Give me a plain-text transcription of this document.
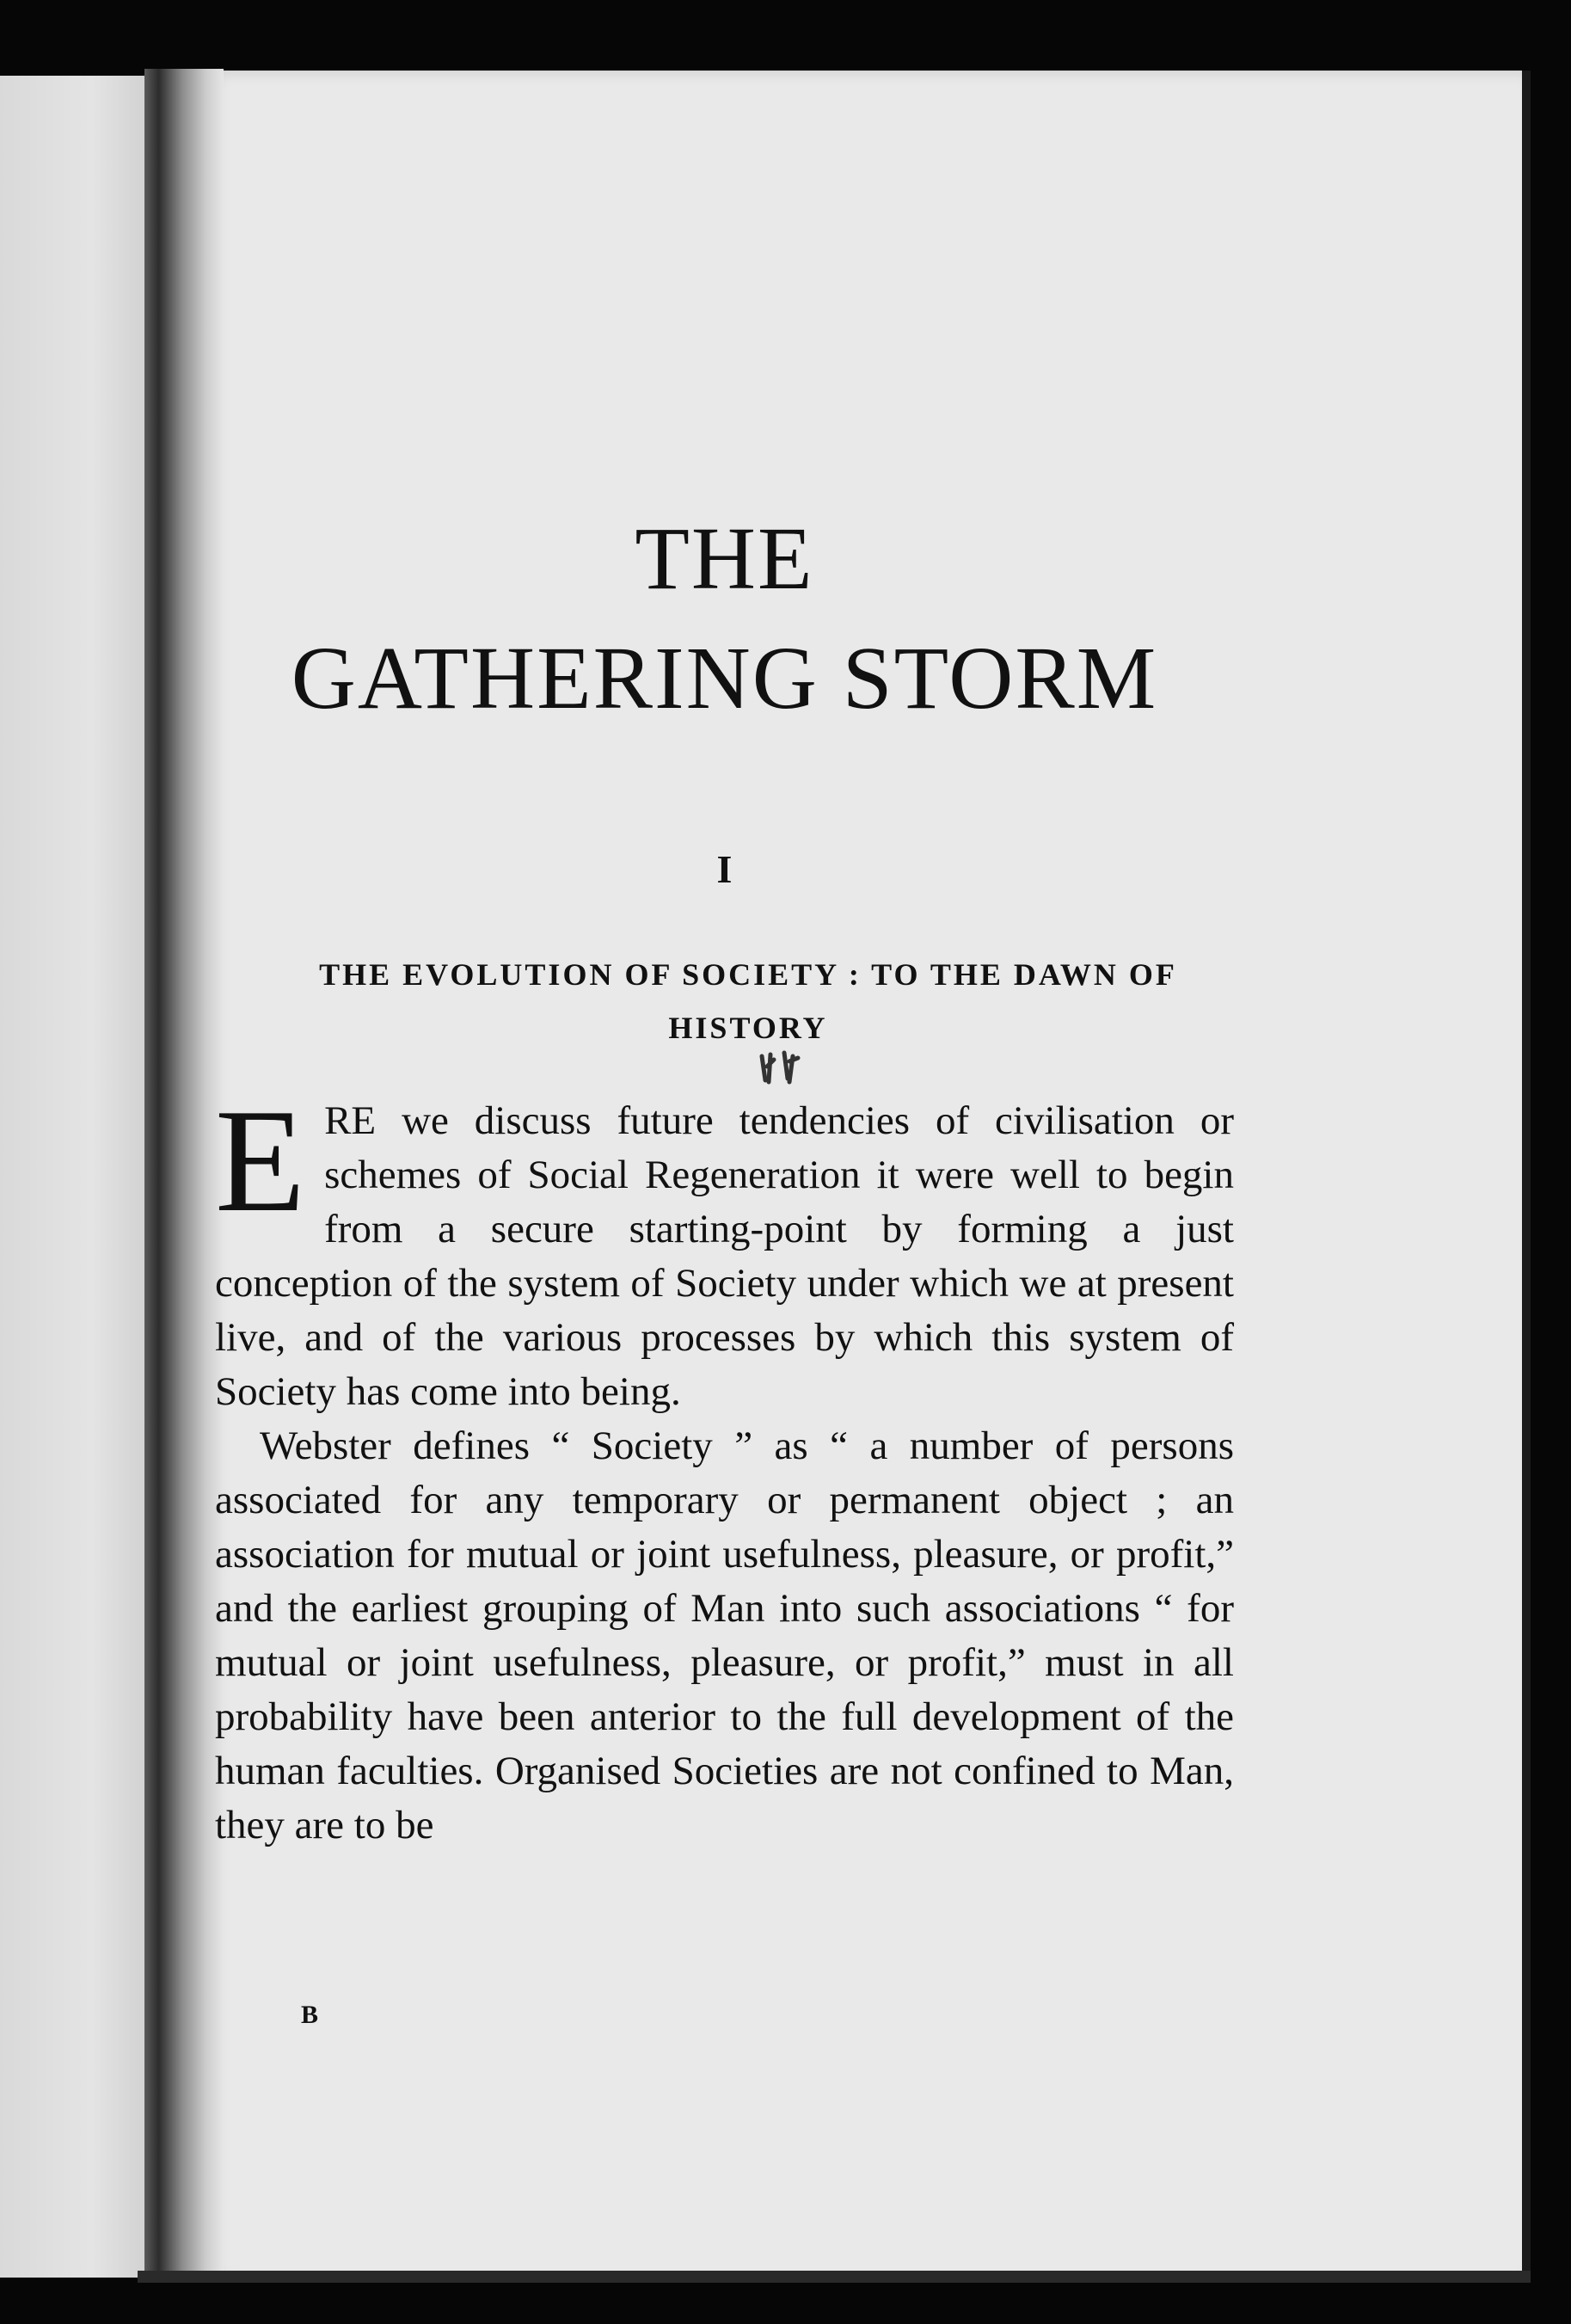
THE
GATHERING STORM
I
THE EVOLUTION OF SOCIETY : TO THE DAWN OF HISTORY

ERE we discuss future tendencies of civilisation or schemes of Social Regeneration it were well to begin from a secure starting-point by forming a just conception of the system of Society under which we at present live, and of the various processes by which this system of Society has come into being.

Webster defines “ Society ” as “ a number of persons associated for any temporary or permanent object ; an association for mutual or joint usefulness, pleasure, or profit,” and the earliest grouping of Man into such associations “ for mutual or joint usefulness, pleasure, or profit,” must in all probability have been anterior to the full development of the human faculties. Organised Societies are not confined to Man, they are to be

B
